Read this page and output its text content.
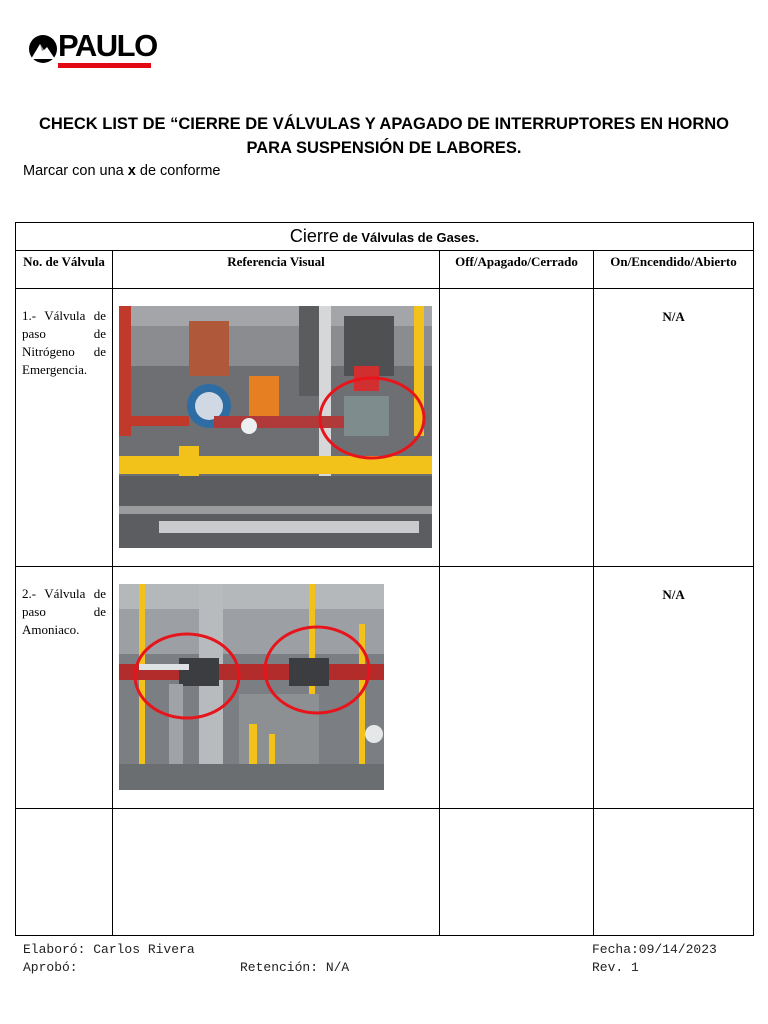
PAULO
CHECK LIST DE “CIERRE DE VÁLVULAS Y APAGADO DE INTERRUPTORES EN HORNO
PARA SUSPENSIÓN DE LABORES.
Marcar con una x de conforme
Cierre de Válvulas de Gases.			
No. de Válvula	Referencia Visual	Off/Apagado/Cerrado	On/Encendido/Abierto
1.- Válvula de paso de Nitrógeno de Emergencia.			N/A
2.- Válvula de paso de Amoniaco.			N/A

Elaboró: Carlos Rivera
Aprobó:	Retención: N/A
Fecha:09/14/2023
Rev. 1
